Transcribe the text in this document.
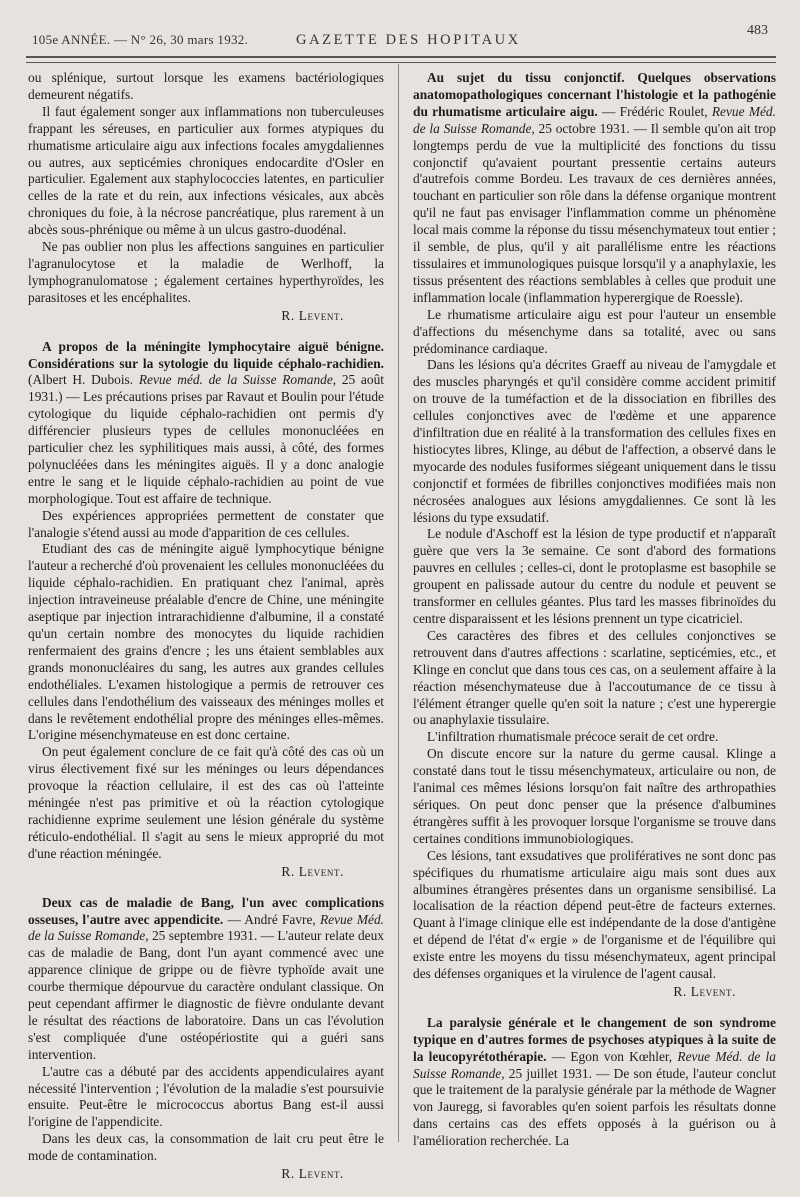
105e ANNÉE. — N° 26, 30 mars 1932.	GAZETTE DES HOPITAUX
483

ou splénique, surtout lorsque les examens bactériologiques demeurent négatifs.

Il faut également songer aux inflammations non tuberculeuses frappant les séreuses, en particulier aux formes atypiques du rhumatisme articulaire aigu aux infections focales amygdaliennes ou autres, aux septicémies chroniques endocardite d'Osler en particulier. Egalement aux staphylococcies latentes, en particulier celles de la rate et du rein, aux infections vésicales, aux abcès chroniques du foie, à la nécrose pancréatique, plus rarement à un abcès sous-phrénique ou même à un ulcus gastro-duodénal.

Ne pas oublier non plus les affections sanguines en particulier l'agranulocytose et la maladie de Werlhoff, la lymphogranulomatose ; également certaines hyperthyroïdes, les parasitoses et les encéphalites.

R. Levent.

A propos de la méningite lymphocytaire aiguë bénigne. Considérations sur la sytologie du liquide céphalo-rachidien. (Albert H. Dubois. Revue méd. de la Suisse Romande, 25 août 1931.) — Les précautions prises par Ravaut et Boulin pour l'étude cytologique du liquide céphalo-rachidien ont permis d'y différencier plusieurs types de cellules mononucléées en particulier chez les syphilitiques mais aussi, à côté, des formes polynucléées dans les méningites aiguës. Il y a donc analogie entre le sang et le liquide céphalo-rachidien au point de vue morphologique. Tout est affaire de technique.

Des expériences appropriées permettent de constater que l'analogie s'étend aussi au mode d'apparition de ces cellules.

Etudiant des cas de méningite aiguë lymphocytique bénigne l'auteur a recherché d'où provenaient les cellules mononucléées du liquide céphalo-rachidien. En pratiquant chez l'animal, après injection intraveineuse préalable d'encre de Chine, une méningite aseptique par injection intrarachidienne d'albumine, il a constaté qu'un certain nombre des monocytes du liquide rachidien renfermaient des grains d'encre ; les uns étaient semblables aux grands mononucléaires du sang, les autres aux grandes cellules endothéliales. L'examen histologique a permis de retrouver ces cellules dans l'endothélium des vaisseaux des méninges molles et dans le revêtement endothélial propre des méninges elles-mêmes. L'origine mésenchymateuse en est donc certaine.

On peut également conclure de ce fait qu'à côté des cas où un virus électivement fixé sur les méninges ou leurs dépendances provoque la réaction cellulaire, il est des cas où l'atteinte méningée n'est pas primitive et où la réaction cytologique rachidienne exprime seulement une lésion générale du système réticulo-endothélial. Il s'agit au sens le mieux approprié du mot d'une réaction méningée.

R. Levent.

Deux cas de maladie de Bang, l'un avec complications osseuses, l'autre avec appendicite. — André Favre, Revue Méd. de la Suisse Romande, 25 septembre 1931. — L'auteur relate deux cas de maladie de Bang, dont l'un ayant commencé avec une apparence clinique de grippe ou de fièvre typhoïde avait une courbe thermique dépourvue du caractère ondulant classique. On peut cependant affirmer le diagnostic de fièvre ondulante devant le résultat des réactions de laboratoire. Dans un cas l'évolution s'est compliquée d'une ostéopériostite qui a guéri sans intervention.

L'autre cas a débuté par des accidents appendiculaires ayant nécessité l'intervention ; l'évolution de la maladie s'est poursuivie ensuite. Peut-être le micrococcus abortus Bang est-il aussi l'origine de l'appendicite.

Dans les deux cas, la consommation de lait cru peut être le mode de contamination.

R. Levent.

Au sujet du tissu conjonctif. Quelques observations anatomopathologiques concernant l'histologie et la pathogénie du rhumatisme articulaire aigu. — Frédéric Roulet, Revue Méd. de la Suisse Romande, 25 octobre 1931. — Il semble qu'on ait trop longtemps perdu de vue la multiplicité des fonctions du tissu conjonctif qu'avaient pourtant pressentie certains auteurs d'autrefois comme Bordeu. Les travaux de ces dernières années, touchant en particulier son rôle dans la défense organique montrent qu'il ne faut pas envisager l'inflammation comme un phénomène local mais comme la réponse du tissu mésenchymateux tout entier ; il semble, de plus, qu'il y ait parallélisme entre les réactions tissulaires et immunologiques puisque lorsqu'il y a anaphylaxie, les tissus présentent des réactions semblables à celles que produit une inflammation locale (inflammation hyperergique de Roessle).

Le rhumatisme articulaire aigu est pour l'auteur un ensemble d'affections du mésenchyme dans sa totalité, avec ou sans prédominance cardiaque.

Dans les lésions qu'a décrites Graeff au niveau de l'amygdale et des muscles pharyngés et qu'il considère comme accident primitif on trouve de la tuméfaction et de la dissociation en fibrilles des cellules conjonctives avec de l'œdème et une apparence d'infiltration due en réalité à la transformation des cellules fixes en histiocytes libres, Klinge, au début de l'affection, a observé dans le myocarde des nodules fusiformes siégeant uniquement dans le tissu conjonctif et formées de fibrilles conjonctives modifiées mais non nécrosées analogues aux lésions amygdaliennes. Ce sont là les lésions du type exsudatif.

Le nodule d'Aschoff est la lésion de type productif et n'apparaît guère que vers la 3e semaine. Ce sont d'abord des formations pauvres en cellules ; celles-ci, dont le protoplasme est basophile se groupent en palissade autour du centre du nodule et peuvent se transformer en cellules géantes. Plus tard les masses fibrinoïdes du centre disparaissent et les lésions prennent un type cicatriciel.

Ces caractères des fibres et des cellules conjonctives se retrouvent dans d'autres affections : scarlatine, septicémies, etc., et Klinge en conclut que dans tous ces cas, on a seulement affaire à la réaction mésenchymateuse due à l'accoutumance de ce tissu à l'élément étranger quelle qu'en soit la nature ; c'est une hyperergie ou anaphylaxie tissulaire.

L'infiltration rhumatismale précoce serait de cet ordre.

On discute encore sur la nature du germe causal. Klinge a constaté dans tout le tissu mésenchymateux, articulaire ou non, de l'animal ces mêmes lésions lorsqu'on fait naître des arthropathies sériques. On peut donc penser que la présence d'albumines étrangères suffit à les provoquer lorsque l'organisme se trouve dans certaines conditions immunobiologiques.

Ces lésions, tant exsudatives que prolifératives ne sont donc pas spécifiques du rhumatisme articulaire aigu mais sont dues aux albumines étrangères présentes dans un organisme sensibilisé. La localisation de la réaction dépend peut-être de facteurs externes. Quant à l'image clinique elle est indépendante de la dose d'antigène et dépend de l'état d'« ergie » de l'organisme et de l'équilibre qui existe entre les moyens du tissu mésenchymateux, agent principal des défenses organiques et la virulence de l'agent causal.

R. Levent.

La paralysie générale et le changement de son syndrome typique en d'autres formes de psychoses atypiques à la suite de la leucopyrétothérapie. — Egon von Kœhler, Revue Méd. de la Suisse Romande, 25 juillet 1931. — De son étude, l'auteur conclut que le traitement de la paralysie générale par la méthode de Wagner von Jauregg, si favorables qu'en soient parfois les résultats donne dans certains cas des effets opposés à la guérison ou à l'amélioration recherchée. La
